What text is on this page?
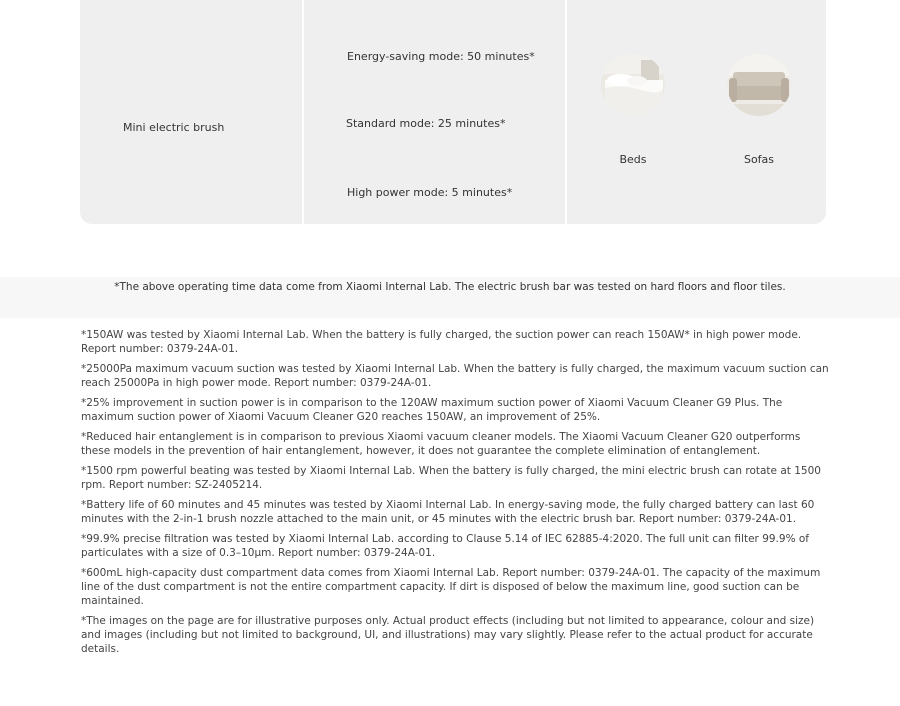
Mini electric brush
Energy-saving mode: 50 minutes*
Standard mode: 25 minutes*
High power mode: 5 minutes*
Beds	Sofas

*The above operating time data come from Xiaomi Internal Lab. The electric brush bar was tested on hard floors and floor tiles.

*150AW was tested by Xiaomi Internal Lab. When the battery is fully charged, the suction power can reach 150AW* in high power mode. Report number: 0379-24A-01.

*25000Pa maximum vacuum suction was tested by Xiaomi Internal Lab. When the battery is fully charged, the maximum vacuum suction can reach 25000Pa in high power mode. Report number: 0379-24A-01.

*25% improvement in suction power is in comparison to the 120AW maximum suction power of Xiaomi Vacuum Cleaner G9 Plus. The maximum suction power of Xiaomi Vacuum Cleaner G20 reaches 150AW, an improvement of 25%.

*Reduced hair entanglement is in comparison to previous Xiaomi vacuum cleaner models. The Xiaomi Vacuum Cleaner G20 outperforms these models in the prevention of hair entanglement, however, it does not guarantee the complete elimination of entanglement.

*1500 rpm powerful beating was tested by Xiaomi Internal Lab. When the battery is fully charged, the mini electric brush can rotate at 1500 rpm. Report number: SZ-2405214.

*Battery life of 60 minutes and 45 minutes was tested by Xiaomi Internal Lab. In energy-saving mode, the fully charged battery can last 60 minutes with the 2-in-1 brush nozzle attached to the main unit, or 45 minutes with the electric brush bar. Report number: 0379-24A-01.

*99.9% precise filtration was tested by Xiaomi Internal Lab. according to Clause 5.14 of IEC 62885-4:2020. The full unit can filter 99.9% of particulates with a size of 0.3–10μm. Report number: 0379-24A-01.

*600mL high-capacity dust compartment data comes from Xiaomi Internal Lab. Report number: 0379-24A-01. The capacity of the maximum line of the dust compartment is not the entire compartment capacity. If dirt is disposed of below the maximum line, good suction can be maintained.

*The images on the page are for illustrative purposes only. Actual product effects (including but not limited to appearance, colour and size) and images (including but not limited to background, UI, and illustrations) may vary slightly. Please refer to the actual product for accurate details.
